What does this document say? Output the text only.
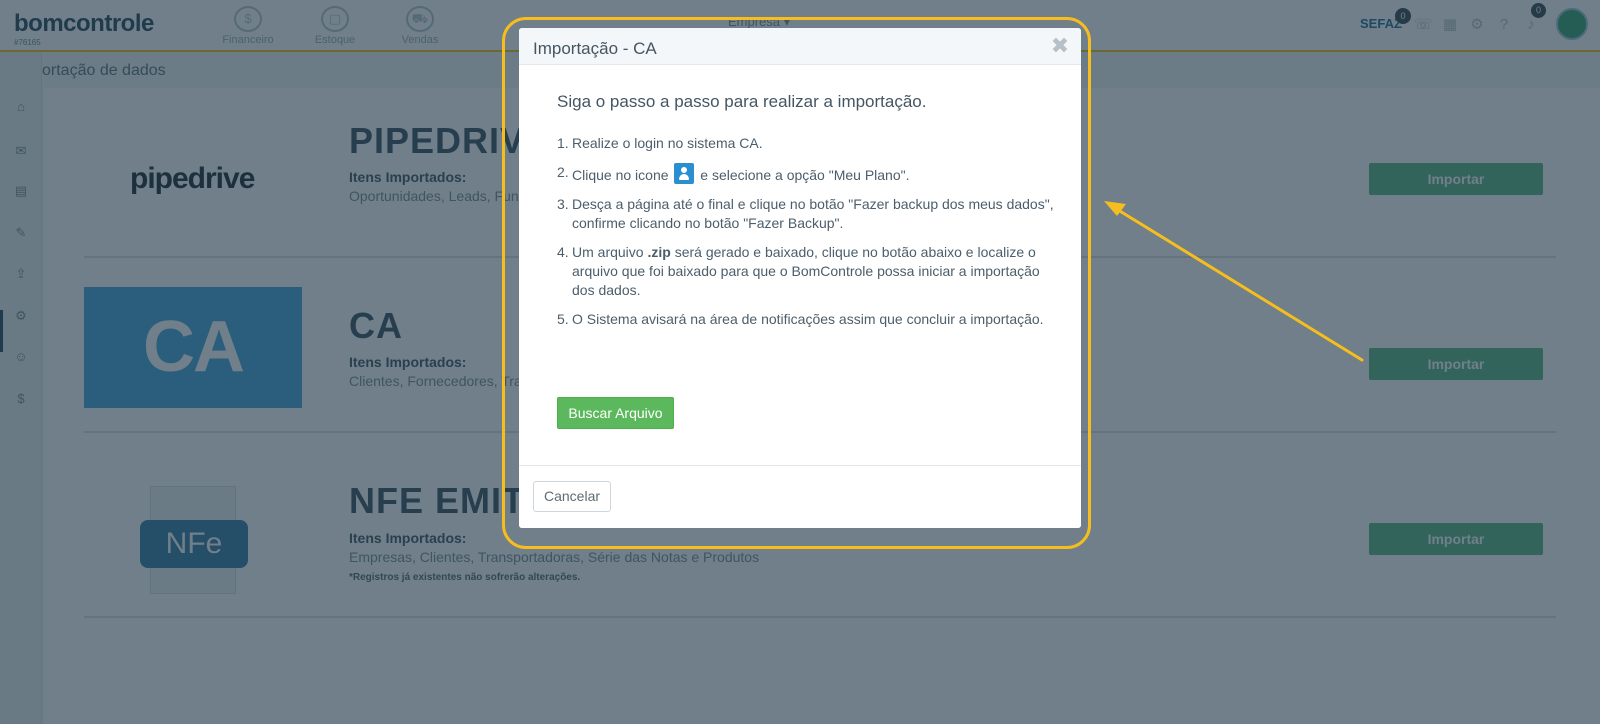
Importação - CA	✖
Siga o passo a passo para realizar a importação.
1. Realize o login no sistema CA.
2. Clique no icone  e selecione a opção "Meu Plano".
3. Desça a página até o final e clique no botão "Fazer backup dos meus dados", confirme clicando no botão "Fazer Backup".
4. Um arquivo .zip será gerado e baixado, clique no botão abaixo e localize o arquivo que foi baixado para que o BomControle possa iniciar a importação dos dados.
5. O Sistema avisará na área de notificações assim que concluir a importação.
Buscar Arquivo
Cancelar
